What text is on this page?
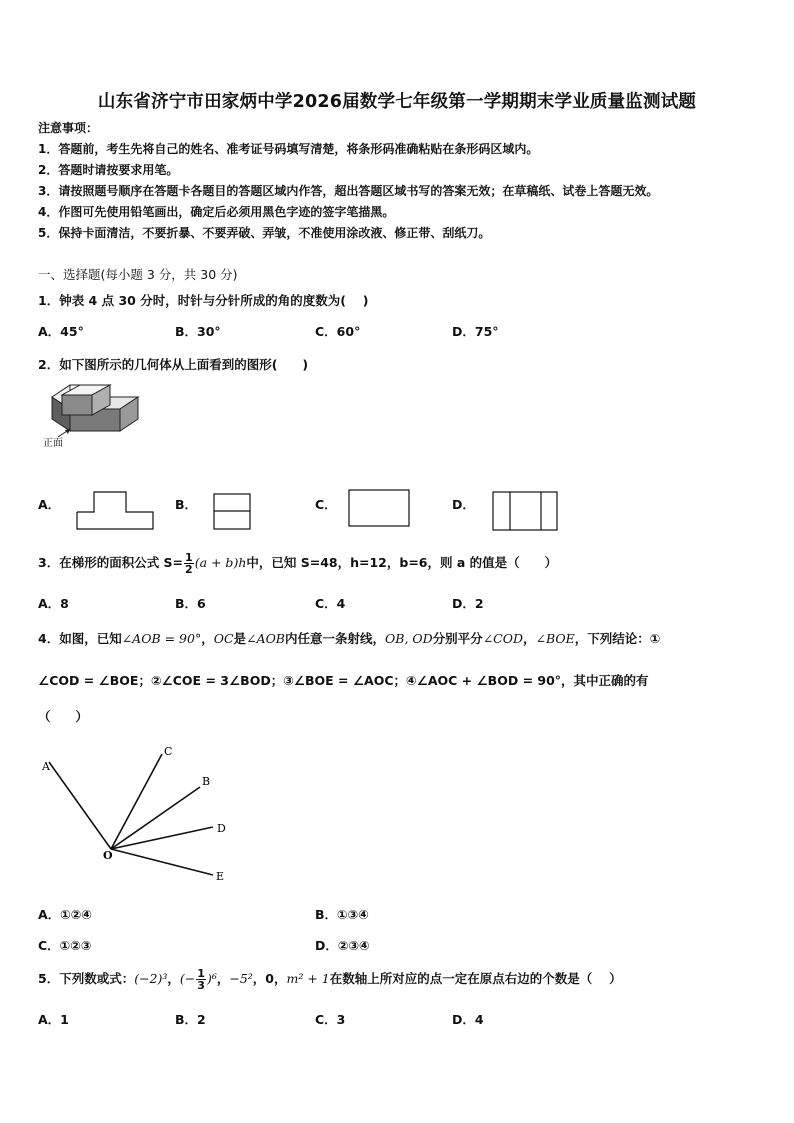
山东省济宁市田家炳中学2026届数学七年级第一学期期末学业质量监测试题
注意事项：
1．答题前，考生先将自己的姓名、准考证号码填写清楚，将条形码准确粘贴在条形码区域内。
2．答题时请按要求用笔。
3．请按照题号顺序在答题卡各题目的答题区域内作答，超出答题区域书写的答案无效；在草稿纸、试卷上答题无效。
4．作图可先使用铅笔画出，确定后必须用黑色字迹的签字笔描黑。
5．保持卡面清洁，不要折暴、不要弄破、弄皱，不准使用涂改液、修正带、刮纸刀。
一、选择题(每小题 3 分，共 30 分)
1．钟表 4 点 30 分时，时针与分针所成的角的度数为(　 )
A．45°	B．30°	C．60°	D．75°
2．如下图所示的几何体从上面看到的图形(　　)
正面
A．	B．	C．	D．
3．在梯形的面积公式 $S= \frac{1}{2} (a + b)h$中，已知 S=48，h=12，b=6，则 a 的值是（　　）
A．8	B．6	C．4	D．2
4．如图，已知∠AOB = 90°，OC是∠AOB内任意一条射线，OB, OD分别平分∠COD，∠BOE，下列结论：①
∠COD = ∠BOE；②∠COE = 3∠BOD；③∠BOE = ∠AOC；④∠AOC + ∠BOD = 90°，其中正确的有
（　　）
A
C
B
D
O
E
A．①②④	B．①③④
C．①②③	D．②③④
5．下列数或式：(−2)³，(− $\frac{1}{3} )^6$，−5²，0，m² + 1在数轴上所对应的点一定在原点右边的个数是（　 ）
A．1	B．2	C．3	D．4
